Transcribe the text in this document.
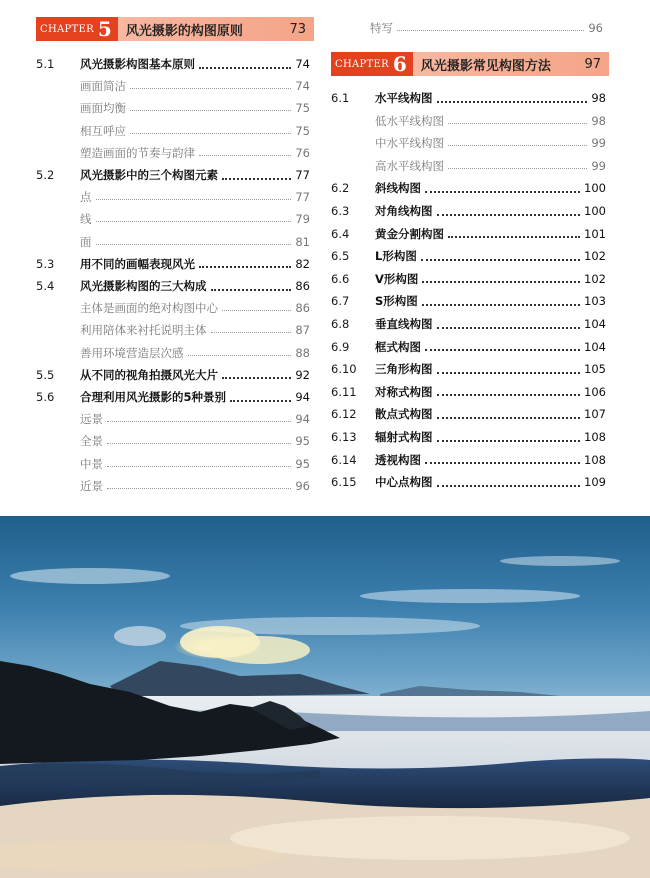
CHAPTER 5 风光摄影的构图原则	73
5.1	风光摄影构图基本原则	74
画面简洁	74
画面均衡	75
相互呼应	75
塑造画面的节奏与韵律	76
5.2	风光摄影中的三个构图元素	77
点	77
线	79
面	81
5.3	用不同的画幅表现风光	82
5.4	风光摄影构图的三大构成	86
主体是画面的绝对构图中心	86
利用陪体来衬托说明主体	87
善用环境营造层次感	88
5.5	从不同的视角拍摄风光大片	92
5.6	合理利用风光摄影的5种景别	94
远景	94
全景	95
中景	95
近景	96
特写	96
CHAPTER 6 风光摄影常见构图方法	97
6.1	水平线构图	98
低水平线构图	98
中水平线构图	99
高水平线构图	99
6.2	斜线构图	100
6.3	对角线构图	100
6.4	黄金分割构图	101
6.5	L形构图	102
6.6	V形构图	102
6.7	S形构图	103
6.8	垂直线构图	104
6.9	框式构图	104
6.10	三角形构图	105
6.11	对称式构图	106
6.12	散点式构图	107
6.13	辐射式构图	108
6.14	透视构图	108
6.15	中心点构图	109
